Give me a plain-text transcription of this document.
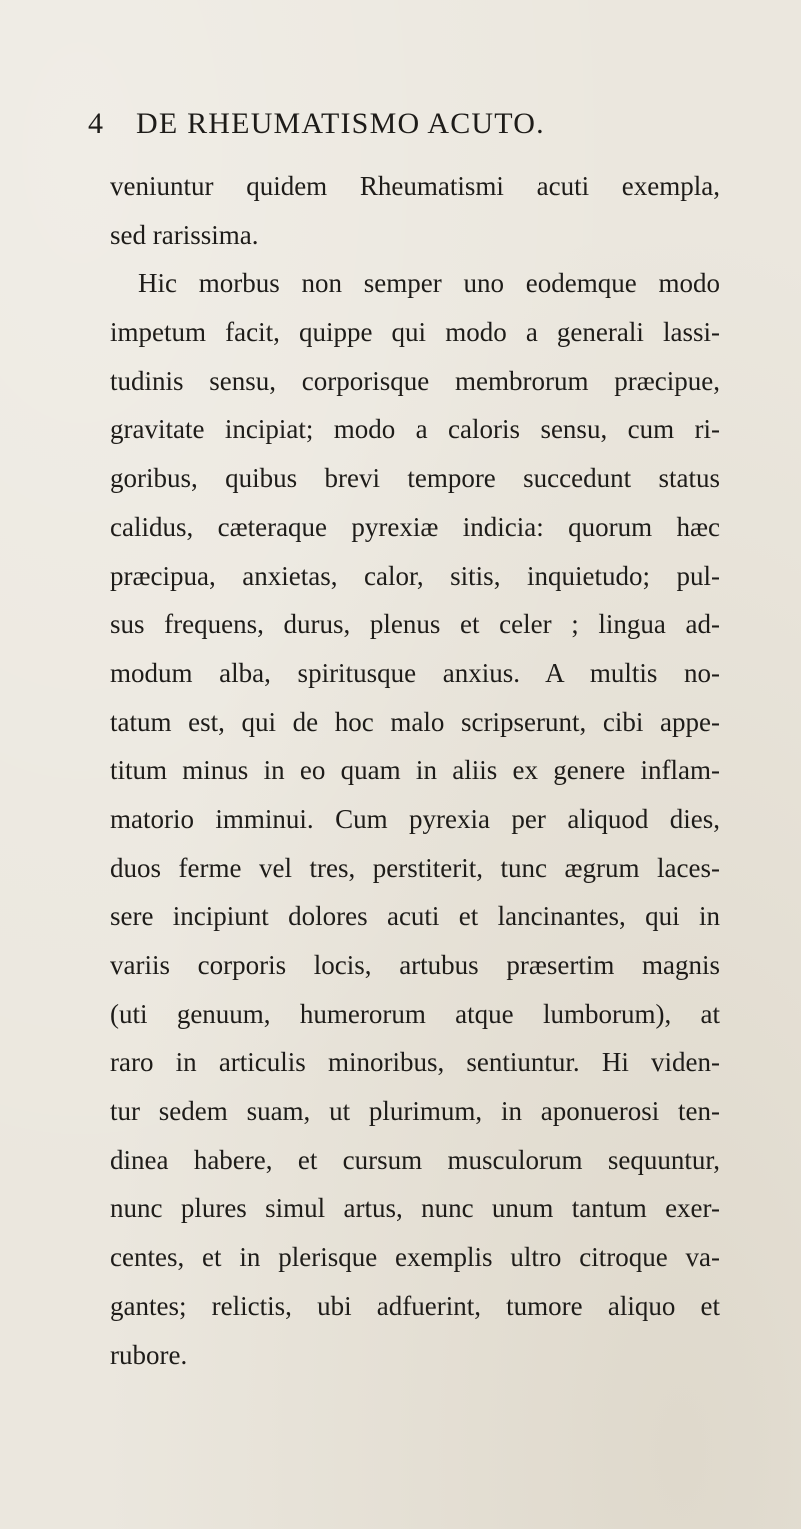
4 DE RHEUMATISMO ACUTO.
veniuntur quidem Rheumatismi acuti exempla,
sed rarissima.
Hic morbus non semper uno eodemque modo
impetum facit, quippe qui modo a generali lassi-
tudinis sensu, corporisque membrorum præcipue,
gravitate incipiat; modo a caloris sensu, cum ri-
goribus, quibus brevi tempore succedunt status
calidus, cæteraque pyrexiæ indicia: quorum hæc
præcipua, anxietas, calor, sitis, inquietudo; pul-
sus frequens, durus, plenus et celer ; lingua ad-
modum alba, spiritusque anxius. A multis no-
tatum est, qui de hoc malo scripserunt, cibi appe-
titum minus in eo quam in aliis ex genere inflam-
matorio imminui. Cum pyrexia per aliquod dies,
duos ferme vel tres, perstiterit, tunc ægrum laces-
sere incipiunt dolores acuti et lancinantes, qui in
variis corporis locis, artubus præsertim magnis
(uti genuum, humerorum atque lumborum), at
raro in articulis minoribus, sentiuntur. Hi viden-
tur sedem suam, ut plurimum, in aponuerosi ten-
dinea habere, et cursum musculorum sequuntur,
nunc plures simul artus, nunc unum tantum exer-
centes, et in plerisque exemplis ultro citroque va-
gantes; relictis, ubi adfuerint, tumore aliquo et
rubore.
